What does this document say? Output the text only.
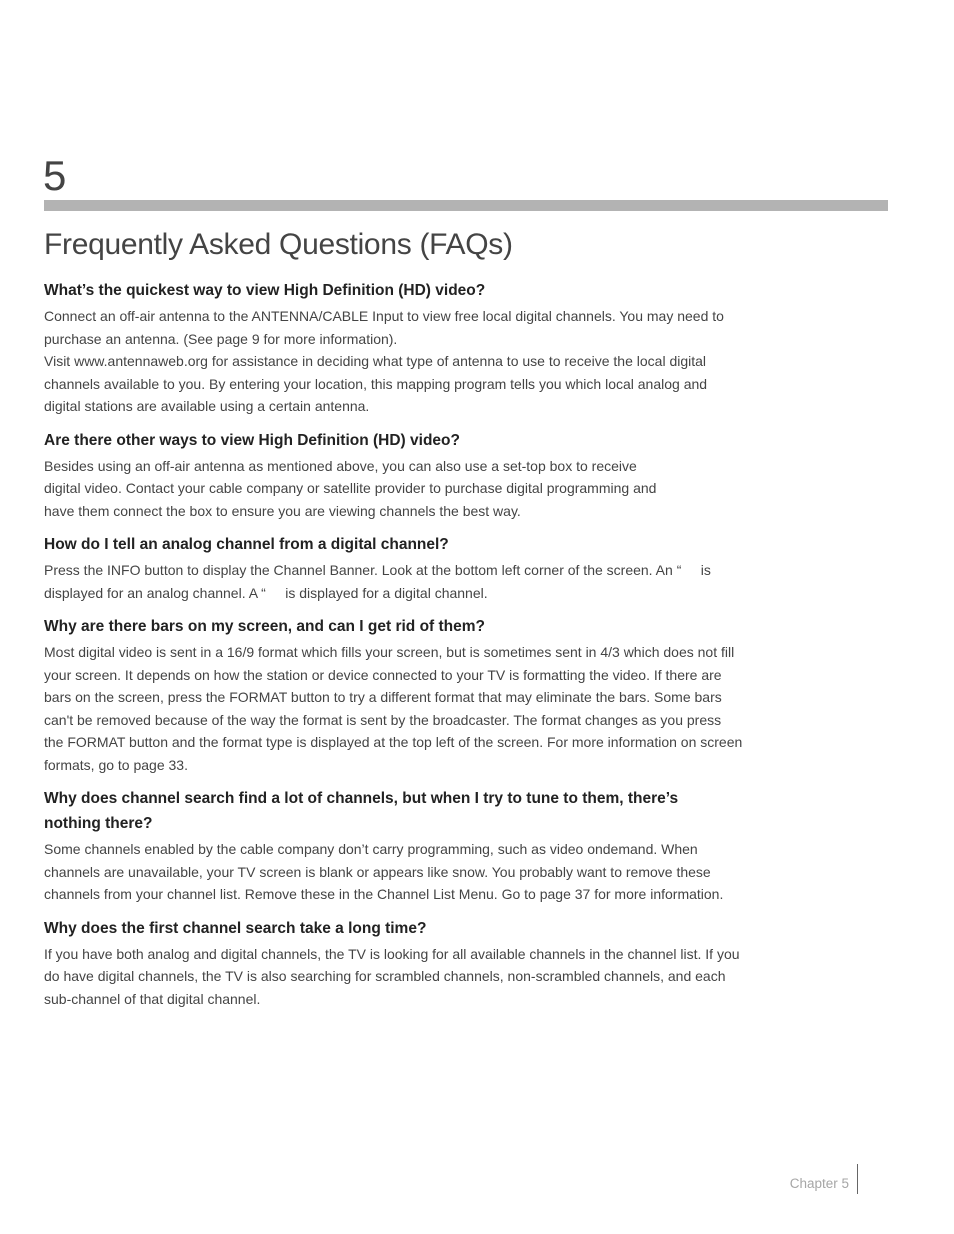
5
Frequently Asked Questions (FAQs)
What’s the quickest way to view High Definition (HD) video?

Connect an off-air antenna to the ANTENNA/CABLE Input to view free local digital channels. You may need to purchase an antenna. (See page 9 for more information).

Visit www.antennaweb.org for assistance in deciding what type of antenna to use to receive the local digital channels available to you. By entering your location, this mapping program tells you which local analog and digital stations are available using a certain antenna.

Are there other ways to view High Definition (HD) video?

Besides using an off-air antenna as mentioned above, you can also use a set-top box to receive digital video. Contact your cable company or satellite provider to purchase digital programming and have them connect the box to ensure you are viewing channels the best way.

How do I tell an analog channel from a digital channel?

Press the INFO button to display the Channel Banner. Look at the bottom left corner of the screen. An “     is displayed for an analog channel. A “     is displayed for a digital channel.

Why are there bars on my screen, and can I get rid of them?

Most digital video is sent in a 16/9 format which fills your screen, but is sometimes sent in 4/3 which does not fill your screen. It depends on how the station or device connected to your TV is formatting the video. If there are bars on the screen, press the FORMAT button to try a different format that may eliminate the bars. Some bars can't be removed because of the way the format is sent by the broadcaster. The format changes as you press the FORMAT button and the format type is displayed at the top left of the screen. For more information on screen formats, go to page 33.

Why does channel search find a lot of channels, but when I try to tune to them, there’s nothing there?

Some channels enabled by the cable company don’t carry programming, such as video ondemand. When channels are unavailable, your TV screen is blank or appears like snow. You probably want to remove these channels from your channel list. Remove these in the Channel List Menu. Go to page 37 for more information.

Why does the first channel search take a long time?

If you have both analog and digital channels, the TV is looking for all available channels in the channel list. If you do have digital channels, the TV is also searching for scrambled channels, non-scrambled channels, and each sub-channel of that digital channel.

Chapter 5
